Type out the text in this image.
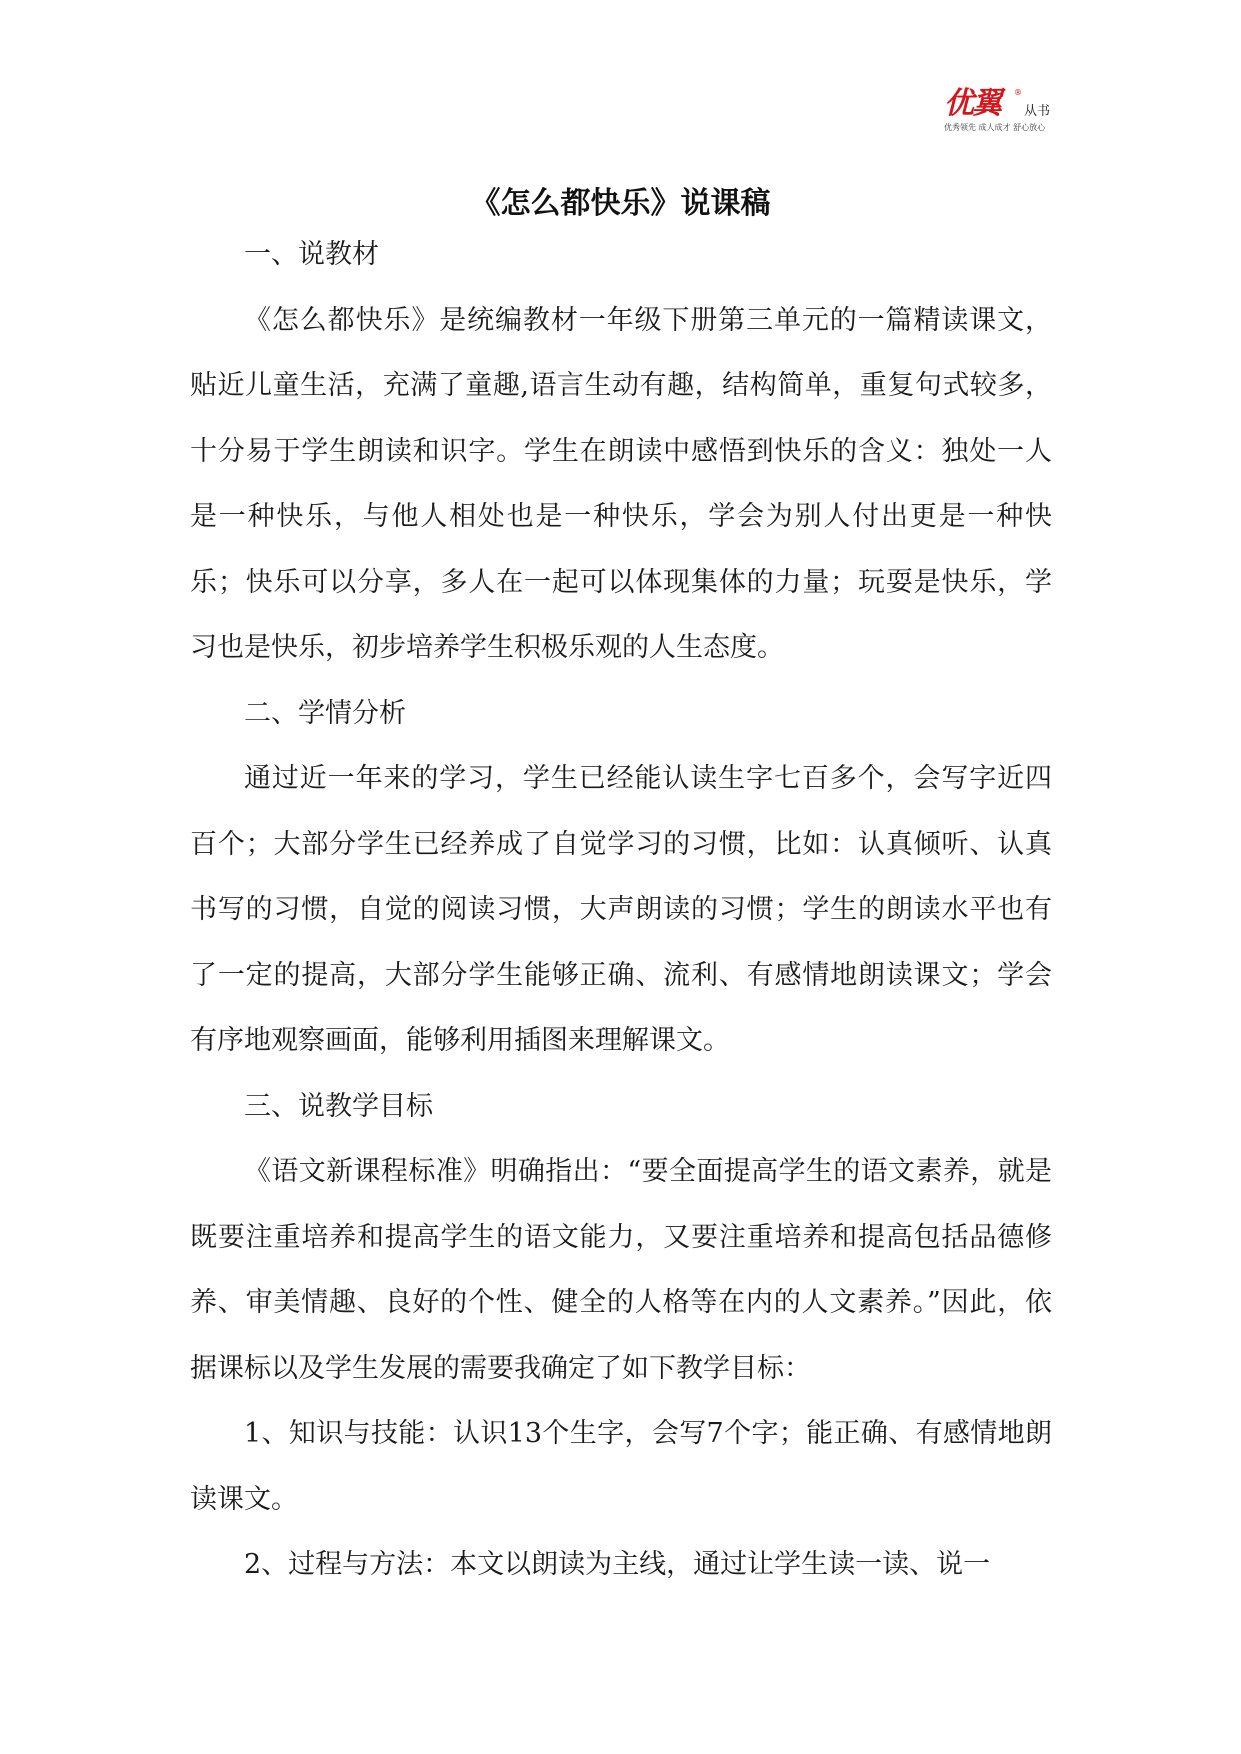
优翼 ®
从书
优秀领先 成人成才 舒心放心
《怎么都快乐》说课稿

一、说教材

《怎么都快乐》是统编教材一年级下册第三单元的一篇精读课文，贴近儿童生活，充满了童趣,语言生动有趣，结构简单，重复句式较多，十分易于学生朗读和识字。学生在朗读中感悟到快乐的含义：独处一人是一种快乐，与他人相处也是一种快乐，学会为别人付出更是一种快乐；快乐可以分享，多人在一起可以体现集体的力量；玩耍是快乐，学习也是快乐，初步培养学生积极乐观的人生态度。

二、学情分析

通过近一年来的学习，学生已经能认读生字七百多个，会写字近四百个；大部分学生已经养成了自觉学习的习惯，比如：认真倾听、认真书写的习惯，自觉的阅读习惯，大声朗读的习惯；学生的朗读水平也有了一定的提高，大部分学生能够正确、流利、有感情地朗读课文；学会有序地观察画面，能够利用插图来理解课文。

三、说教学目标

《语文新课程标准》明确指出：“要全面提高学生的语文素养，就是既要注重培养和提高学生的语文能力，又要注重培养和提高包括品德修养、审美情趣、良好的个性、健全的人格等在内的人文素养。”因此，依据课标以及学生发展的需要我确定了如下教学目标：

1、知识与技能：认识13个生字，会写7个字；能正确、有感情地朗读课文。

2、过程与方法：本文以朗读为主线，通过让学生读一读、说一
